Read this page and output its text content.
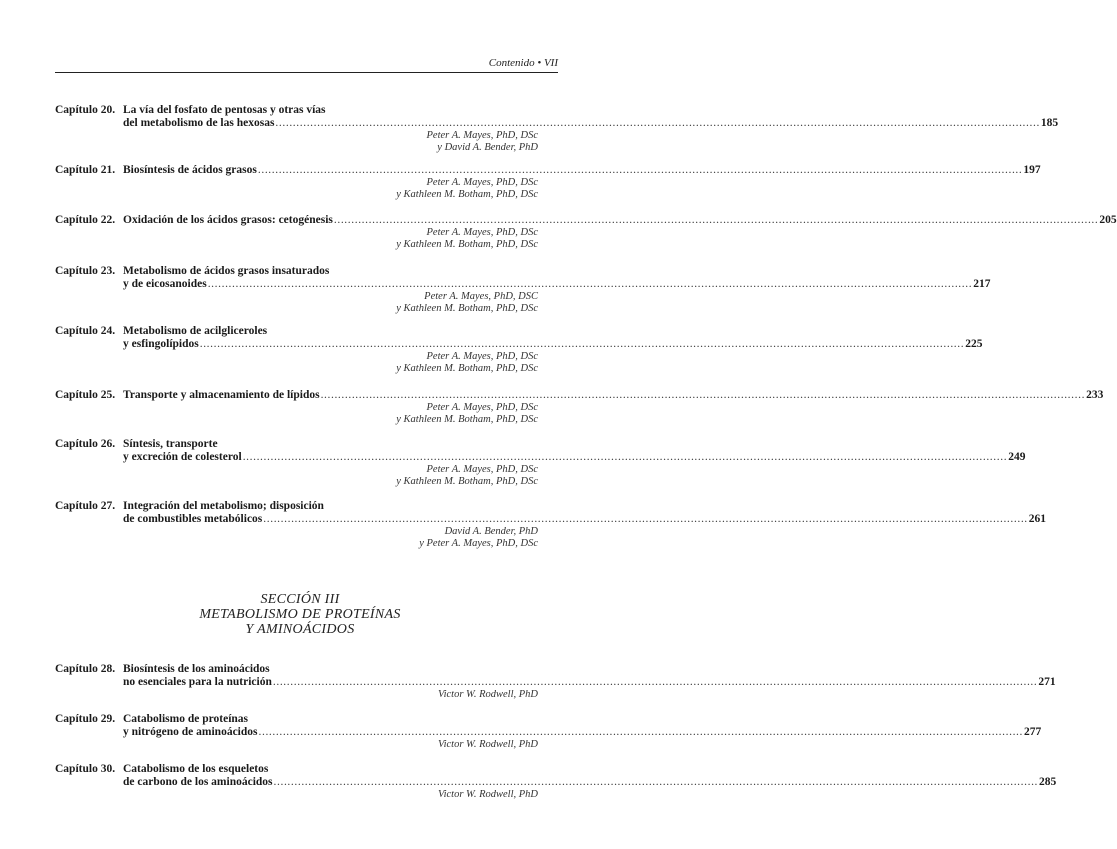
Contenido • VII
Capítulo 20. La vía del fosfato de pentosas y otras vías
del metabolismo de las hexosas ............................................................................................................................................................................................................................ 185
Peter A. Mayes, PhD, DSc
y David A. Bender, PhD
Capítulo 21. Biosíntesis de ácidos grasos ............................................................................................................................................................................................................................ 197
Peter A. Mayes, PhD, DSc
y Kathleen M. Botham, PhD, DSc
Capítulo 22. Oxidación de los ácidos grasos: cetogénesis ............................................................................................................................................................................................................................ 205
Peter A. Mayes, PhD, DSc
y Kathleen M. Botham, PhD, DSc
Capítulo 23. Metabolismo de ácidos grasos insaturados
y de eicosanoides ............................................................................................................................................................................................................................ 217
Peter A. Mayes, PhD, DSC
y Kathleen M. Botham, PhD, DSc
Capítulo 24. Metabolismo de acilgliceroles
y esfingolípidos ............................................................................................................................................................................................................................ 225
Peter A. Mayes, PhD, DSc
y Kathleen M. Botham, PhD, DSc
Capítulo 25. Transporte y almacenamiento de lípidos ............................................................................................................................................................................................................................ 233
Peter A. Mayes, PhD, DSc
y Kathleen M. Botham, PhD, DSc
Capítulo 26. Síntesis, transporte
y excreción de colesterol ............................................................................................................................................................................................................................ 249
Peter A. Mayes, PhD, DSc
y Kathleen M. Botham, PhD, DSc
Capítulo 27. Integración del metabolismo; disposición
de combustibles metabólicos ............................................................................................................................................................................................................................ 261
David A. Bender, PhD
y Peter A. Mayes, PhD, DSc
Capítulo 28. Biosíntesis de los aminoácidos
no esenciales para la nutrición ............................................................................................................................................................................................................................ 271
Victor W. Rodwell, PhD
Capítulo 29. Catabolismo de proteínas
y nitrógeno de aminoácidos ............................................................................................................................................................................................................................ 277
Victor W. Rodwell, PhD
Capítulo 30. Catabolismo de los esqueletos
de carbono de los aminoácidos ............................................................................................................................................................................................................................ 285
Victor W. Rodwell, PhD
SECCIÓN III
METABOLISMO DE PROTEÍNAS
Y AMINOÁCIDOS
